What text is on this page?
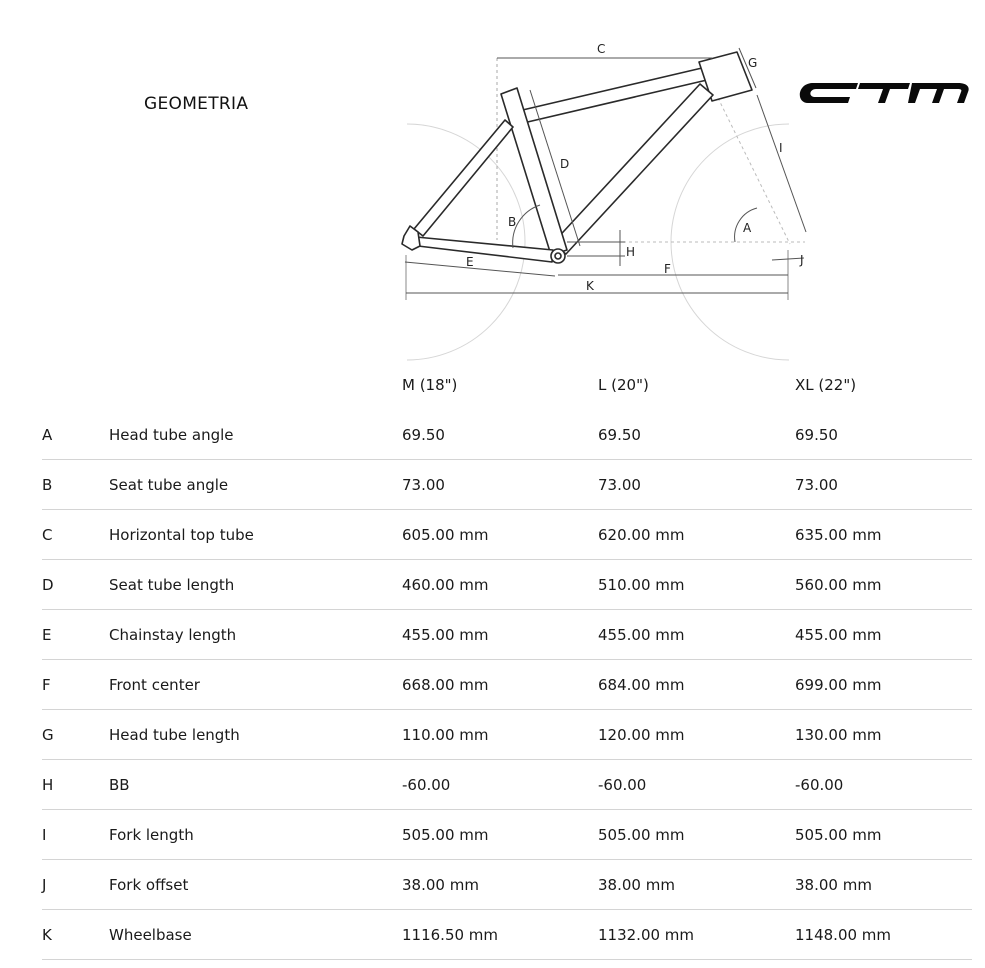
GEOMETRIA
C
G
I
D
B	A
H
J
E	F
K
M (18")	L (20")	XL (22")
A	Head tube angle	69.50	69.50	69.50
B	Seat tube angle	73.00	73.00	73.00
C	Horizontal top tube	605.00 mm	620.00 mm	635.00 mm
D	Seat tube length	460.00 mm	510.00 mm	560.00 mm
E	Chainstay length	455.00 mm	455.00 mm	455.00 mm
F	Front center	668.00 mm	684.00 mm	699.00 mm
G	Head tube length	110.00 mm	120.00 mm	130.00 mm
H	BB	-60.00	-60.00	-60.00
I	Fork length	505.00 mm	505.00 mm	505.00 mm
J	Fork offset	38.00 mm	38.00 mm	38.00 mm
K	Wheelbase	1116.50 mm	1132.00 mm	1148.00 mm
